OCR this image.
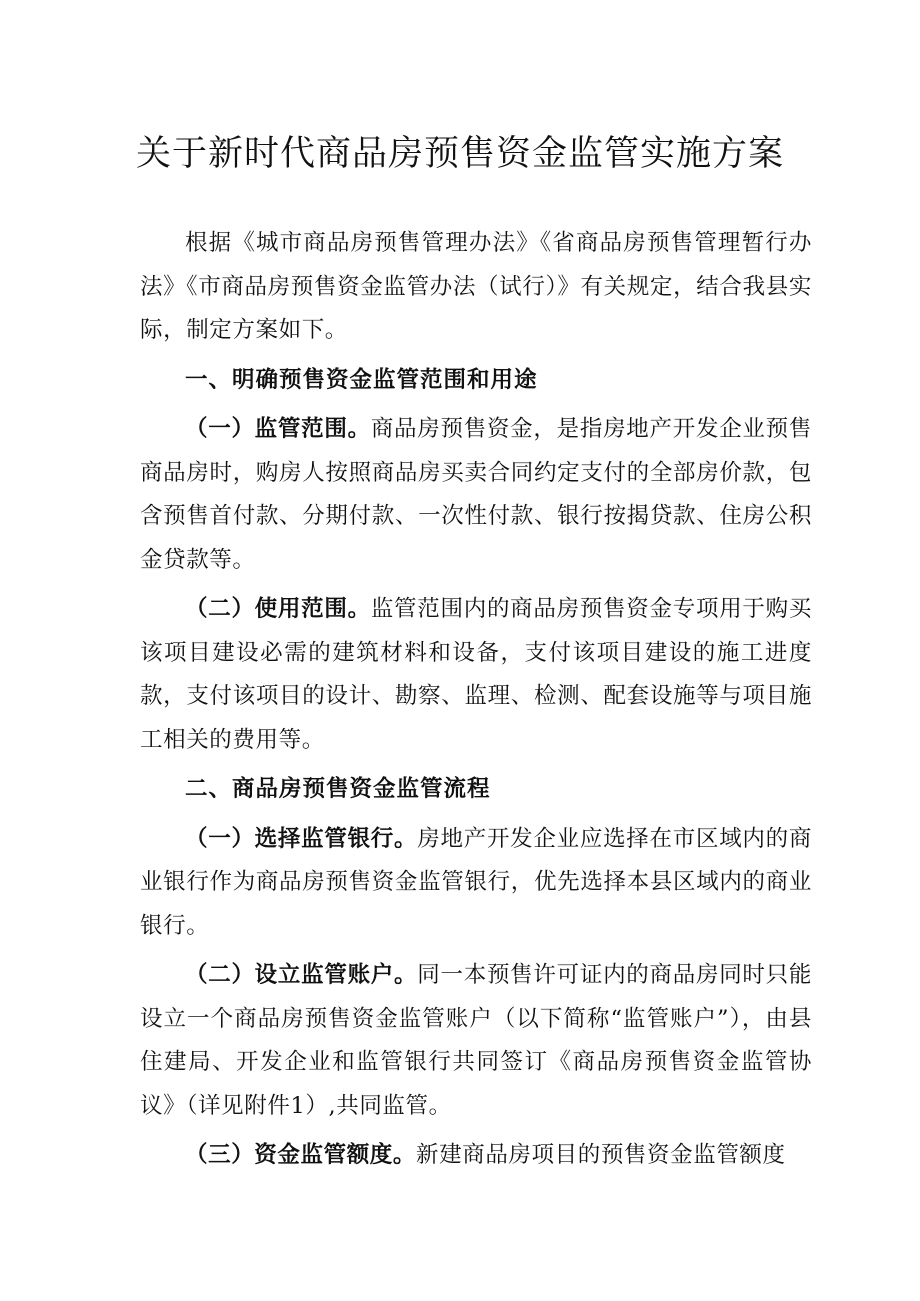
关于新时代商品房预售资金监管实施方案

根据《城市商品房预售管理办法》《省商品房预售管理暂行办法》《市商品房预售资金监管办法（试行）》有关规定，结合我县实际，制定方案如下。

一、明确预售资金监管范围和用途

（一）监管范围。商品房预售资金，是指房地产开发企业预售商品房时，购房人按照商品房买卖合同约定支付的全部房价款，包含预售首付款、分期付款、一次性付款、银行按揭贷款、住房公积金贷款等。

（二）使用范围。监管范围内的商品房预售资金专项用于购买该项目建设必需的建筑材料和设备，支付该项目建设的施工进度款，支付该项目的设计、勘察、监理、检测、配套设施等与项目施工相关的费用等。

二、商品房预售资金监管流程

（一）选择监管银行。房地产开发企业应选择在市区域内的商业银行作为商品房预售资金监管银行，优先选择本县区域内的商业银行。

（二）设立监管账户。同一本预售许可证内的商品房同时只能设立一个商品房预售资金监管账户（以下简称“监管账户”），由县住建局、开发企业和监管银行共同签订《商品房预售资金监管协议》（详见附件1）,共同监管。

（三）资金监管额度。新建商品房项目的预售资金监管额度
